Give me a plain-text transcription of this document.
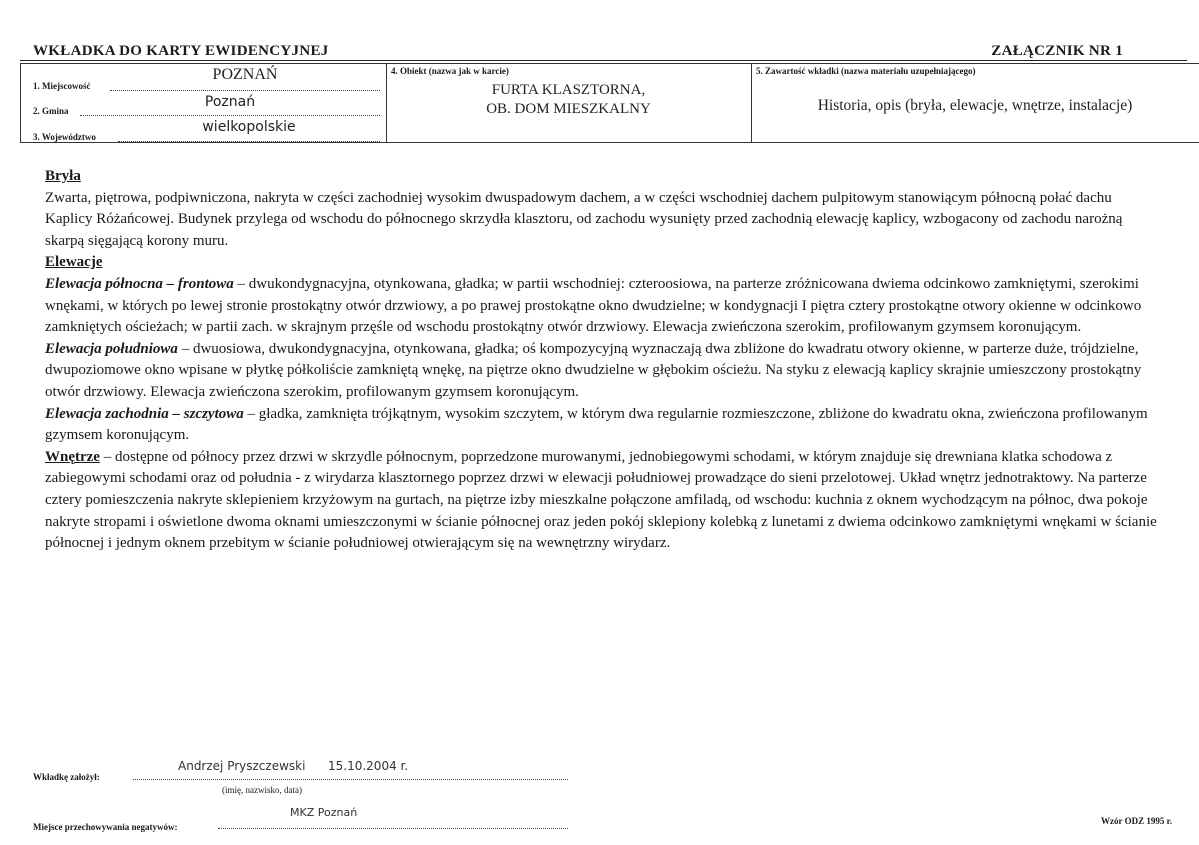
WKŁADKA DO KARTY EWIDENCYJNEJ	ZAŁĄCZNIK NR 1
1. Miejscowość
POZNAŃ
2. Gmina
Poznań
3. Województwo
wielkopolskie
4. Obiekt (nazwa jak w karcie)
FURTA KLASZTORNA,
OB. DOM MIESZKALNY
5. Zawartość wkładki (nazwa materiału uzupełniającego)
Historia, opis (bryła, elewacje, wnętrze, instalacje)

Bryła

Zwarta, piętrowa, podpiwniczona, nakryta w części zachodniej wysokim dwuspadowym dachem, a w części wschodniej dachem pulpitowym stanowiącym północną połać dachu Kaplicy Różańcowej. Budynek przylega od wschodu do północnego skrzydła klasztoru, od zachodu wysunięty przed zachodnią elewację kaplicy, wzbogacony od zachodu narożną skarpą sięgającą korony muru.

Elewacje

Elewacja północna – frontowa – dwukondygnacyjna, otynkowana, gładka; w partii wschodniej: czteroosiowa, na parterze zróżnicowana dwiema odcinkowo zamkniętymi, szerokimi wnękami, w których po lewej stronie prostokątny otwór drzwiowy, a po prawej prostokątne okno dwudzielne; w kondygnacji I piętra cztery prostokątne otwory okienne w odcinkowo zamkniętych ościeżach; w partii zach. w skrajnym przęśle od wschodu prostokątny otwór drzwiowy. Elewacja zwieńczona szerokim, profilowanym gzymsem koronującym.

Elewacja południowa – dwuosiowa, dwukondygnacyjna, otynkowana, gładka; oś kompozycyjną wyznaczają dwa zbliżone do kwadratu otwory okienne, w parterze duże, trójdzielne, dwupoziomowe okno wpisane w płytkę półkoliście zamkniętą wnękę, na piętrze okno dwudzielne w głębokim ościeżu. Na styku z elewacją kaplicy skrajnie umieszczony prostokątny otwór drzwiowy. Elewacja zwieńczona szerokim, profilowanym gzymsem koronującym.

Elewacja zachodnia – szczytowa – gładka, zamknięta trójkątnym, wysokim szczytem, w którym dwa regularnie rozmieszczone, zbliżone do kwadratu okna, zwieńczona profilowanym gzymsem koronującym.

Wnętrze – dostępne od północy przez drzwi w skrzydle północnym, poprzedzone murowanymi, jednobiegowymi schodami, w którym znajduje się drewniana klatka schodowa z zabiegowymi schodami oraz od południa - z wirydarza klasztornego poprzez drzwi w elewacji południowej prowadzące do sieni przelotowej. Układ wnętrz jednotraktowy. Na parterze cztery pomieszczenia nakryte sklepieniem krzyżowym na gurtach, na piętrze izby mieszkalne połączone amfiladą, od wschodu: kuchnia z oknem wychodzącym na północ, dwa pokoje nakryte stropami i oświetlone dwoma oknami umieszczonymi w ścianie północnej oraz jeden pokój sklepiony kolebką z lunetami z dwiema odcinkowo zamkniętymi wnękami w ścianie północnej i jednym oknem przebitym w ścianie południowej otwierającym się na wewnętrzny wirydarz.

Wkładkę założył:
Andrzej Pryszczewski 15.10.2004 r.
(imię, nazwisko, data)
Miejsce przechowywania negatywów:
MKZ Poznań
Wzór ODZ 1995 r.
